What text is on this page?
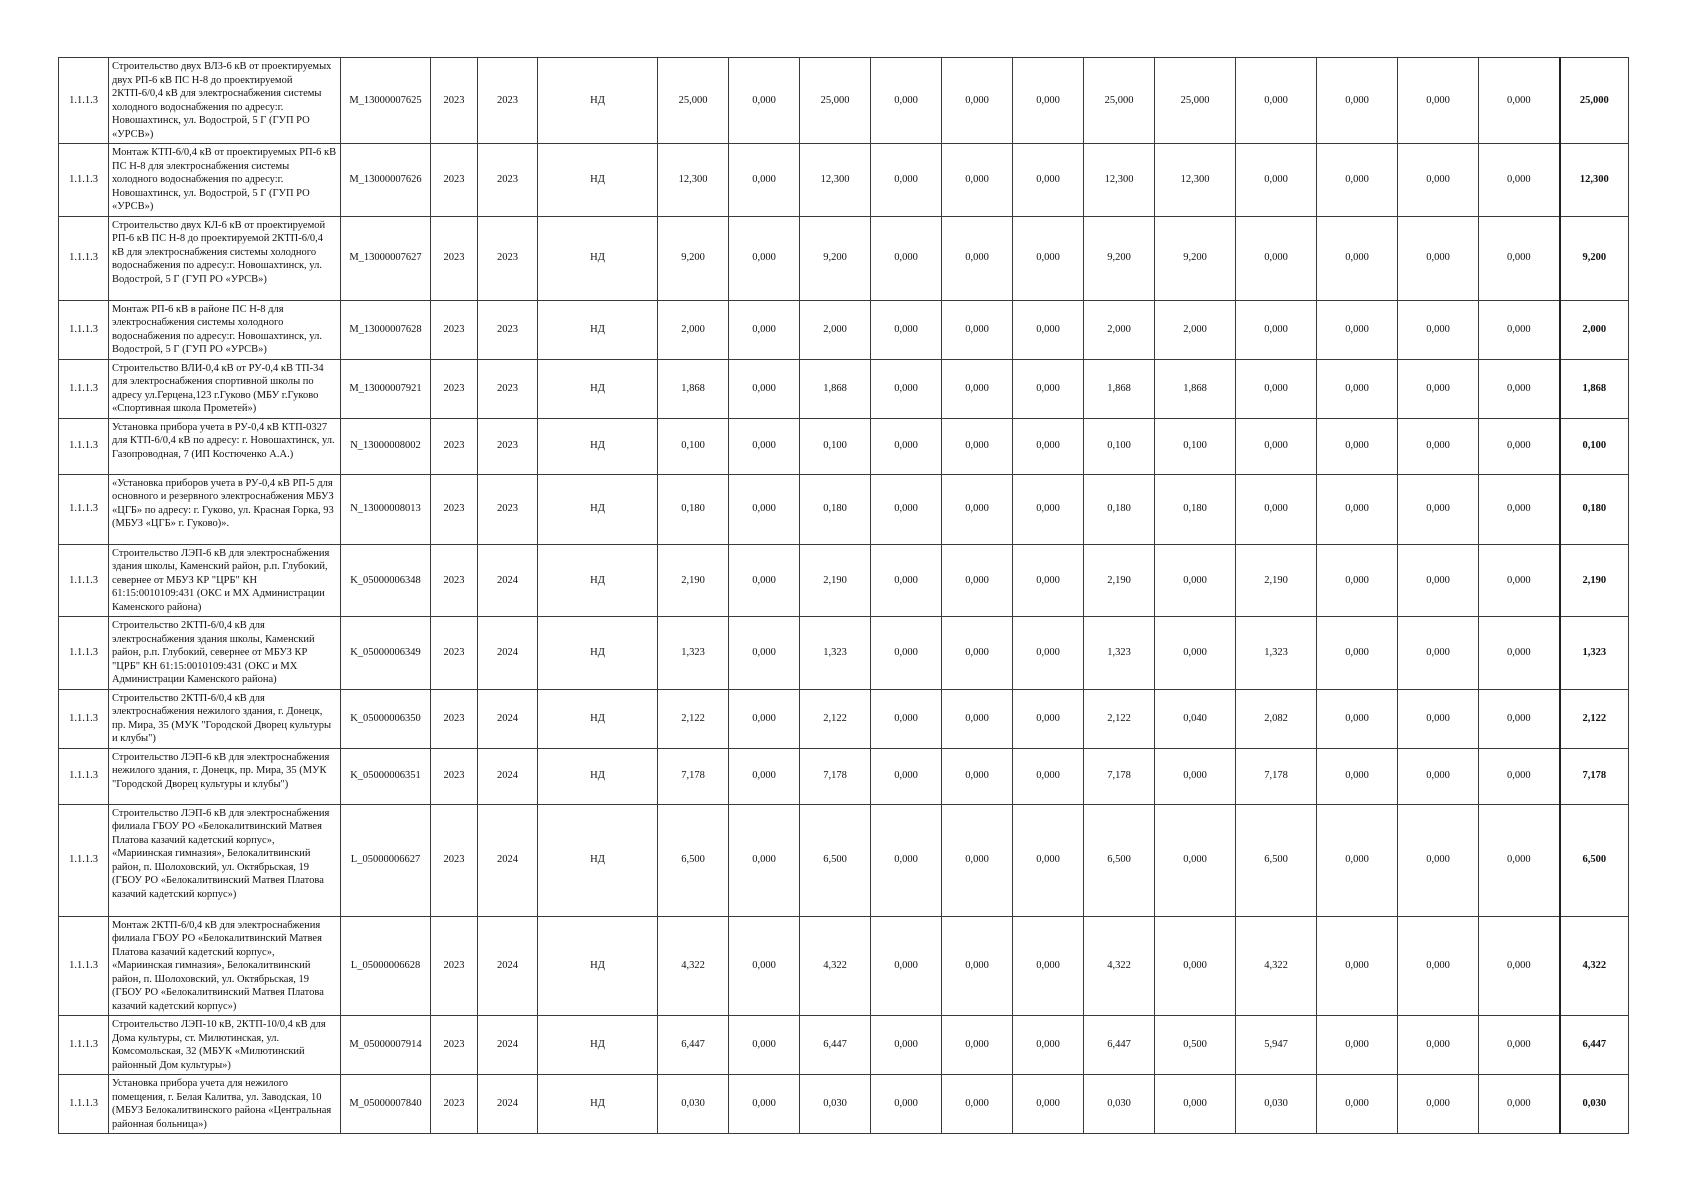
1.1.1.3	Строительство двух ВЛЗ-6 кВ от проектируемых двух РП-6 кВ ПС Н-8 до проектируемой 2КТП-6/0,4 кВ для электроснабжения системы холодного водоснабжения по адресу:г. Новошахтинск, ул. Водострой, 5 Г (ГУП РО «УРСВ»)	M_13000007625	2023	2023	НД	25,000	0,000	25,000	0,000	0,000	0,000	25,000	25,000	0,000	0,000	0,000	0,000	25,000
1.1.1.3	Монтаж КТП-6/0,4 кВ от проектируемых РП-6 кВ ПС Н-8 для электроснабжения системы холодного водоснабжения по адресу:г. Новошахтинск, ул. Водострой, 5 Г (ГУП РО «УРСВ»)	M_13000007626	2023	2023	НД	12,300	0,000	12,300	0,000	0,000	0,000	12,300	12,300	0,000	0,000	0,000	0,000	12,300
1.1.1.3	Строительство двух КЛ-6 кВ от проектируемой РП-6 кВ ПС Н-8 до проектируемой 2КТП-6/0,4 кВ для электроснабжения системы холодного водоснабжения по адресу:г. Новошахтинск, ул. Водострой, 5 Г (ГУП РО «УРСВ»)	M_13000007627	2023	2023	НД	9,200	0,000	9,200	0,000	0,000	0,000	9,200	9,200	0,000	0,000	0,000	0,000	9,200
1.1.1.3	Монтаж РП-6 кВ в районе ПС Н-8 для электроснабжения системы холодного водоснабжения по адресу:г. Новошахтинск, ул. Водострой, 5 Г (ГУП РО «УРСВ»)	M_13000007628	2023	2023	НД	2,000	0,000	2,000	0,000	0,000	0,000	2,000	2,000	0,000	0,000	0,000	0,000	2,000
1.1.1.3	Строительство ВЛИ-0,4 кВ от РУ-0,4 кВ ТП-34 для электроснабжения спортивной школы по адресу ул.Герцена,123 г.Гуково (МБУ г.Гуково «Спортивная школа Прометей»)	M_13000007921	2023	2023	НД	1,868	0,000	1,868	0,000	0,000	0,000	1,868	1,868	0,000	0,000	0,000	0,000	1,868
1.1.1.3	Установка прибора учета в РУ-0,4 кВ КТП-0327 для КТП-6/0,4 кВ по адресу: г. Новошахтинск, ул. Газопроводная, 7 (ИП Костюченко А.А.)	N_13000008002	2023	2023	НД	0,100	0,000	0,100	0,000	0,000	0,000	0,100	0,100	0,000	0,000	0,000	0,000	0,100
1.1.1.3	«Установка приборов учета в РУ-0,4 кВ РП-5 для основного и резервного электроснабжения МБУЗ «ЦГБ» по адресу: г. Гуково, ул. Красная Горка, 93 (МБУЗ «ЦГБ» г. Гуково)».	N_13000008013	2023	2023	НД	0,180	0,000	0,180	0,000	0,000	0,000	0,180	0,180	0,000	0,000	0,000	0,000	0,180
1.1.1.3	Строительство ЛЭП-6 кВ для электроснабжения здания школы, Каменский район, р.п. Глубокий, севернее от МБУЗ КР "ЦРБ" КН 61:15:0010109:431 (ОКС и МХ Администрации Каменского района)	K_05000006348	2023	2024	НД	2,190	0,000	2,190	0,000	0,000	0,000	2,190	0,000	2,190	0,000	0,000	0,000	2,190
1.1.1.3	Строительство 2КТП-6/0,4 кВ для электроснабжения здания школы, Каменский район, р.п. Глубокий, севернее от МБУЗ КР "ЦРБ" КН 61:15:0010109:431 (ОКС и МХ Администрации Каменского района)	K_05000006349	2023	2024	НД	1,323	0,000	1,323	0,000	0,000	0,000	1,323	0,000	1,323	0,000	0,000	0,000	1,323
1.1.1.3	Строительство 2КТП-6/0,4 кВ для электроснабжения нежилого здания, г. Донецк, пр. Мира, 35 (МУК "Городской Дворец культуры и клубы")	K_05000006350	2023	2024	НД	2,122	0,000	2,122	0,000	0,000	0,000	2,122	0,040	2,082	0,000	0,000	0,000	2,122
1.1.1.3	Строительство ЛЭП-6 кВ для электроснабжения нежилого здания, г. Донецк, пр. Мира, 35 (МУК "Городской Дворец культуры и клубы")	K_05000006351	2023	2024	НД	7,178	0,000	7,178	0,000	0,000	0,000	7,178	0,000	7,178	0,000	0,000	0,000	7,178
1.1.1.3	Строительство ЛЭП-6 кВ для электроснабжения филиала ГБОУ РО «Белокалитвинский Матвея Платова казачий кадетский корпус», «Мариинская гимназия», Белокалитвинский район, п. Шолоховский, ул. Октябрьская, 19 (ГБОУ РО «Белокалитвинский Матвея Платова казачий кадетский корпус»)	L_05000006627	2023	2024	НД	6,500	0,000	6,500	0,000	0,000	0,000	6,500	0,000	6,500	0,000	0,000	0,000	6,500
1.1.1.3	Монтаж 2КТП-6/0,4 кВ для электроснабжения филиала ГБОУ РО «Белокалитвинский Матвея Платова казачий кадетский корпус», «Мариинская гимназия», Белокалитвинский район, п. Шолоховский, ул. Октябрьская, 19 (ГБОУ РО «Белокалитвинский Матвея Платова казачий кадетский корпус»)	L_05000006628	2023	2024	НД	4,322	0,000	4,322	0,000	0,000	0,000	4,322	0,000	4,322	0,000	0,000	0,000	4,322
1.1.1.3	Строительство ЛЭП-10 кВ, 2КТП-10/0,4 кВ для Дома культуры, ст. Милютинская, ул. Комсомольская, 32 (МБУК «Милютинский районный Дом культуры»)	M_05000007914	2023	2024	НД	6,447	0,000	6,447	0,000	0,000	0,000	6,447	0,500	5,947	0,000	0,000	0,000	6,447
1.1.1.3	Установка прибора учета для нежилого помещения, г. Белая Калитва, ул. Заводская, 10 (МБУЗ Белокалитвинского района «Центральная районная больница»)	M_05000007840	2023	2024	НД	0,030	0,000	0,030	0,000	0,000	0,000	0,030	0,000	0,030	0,000	0,000	0,000	0,030
